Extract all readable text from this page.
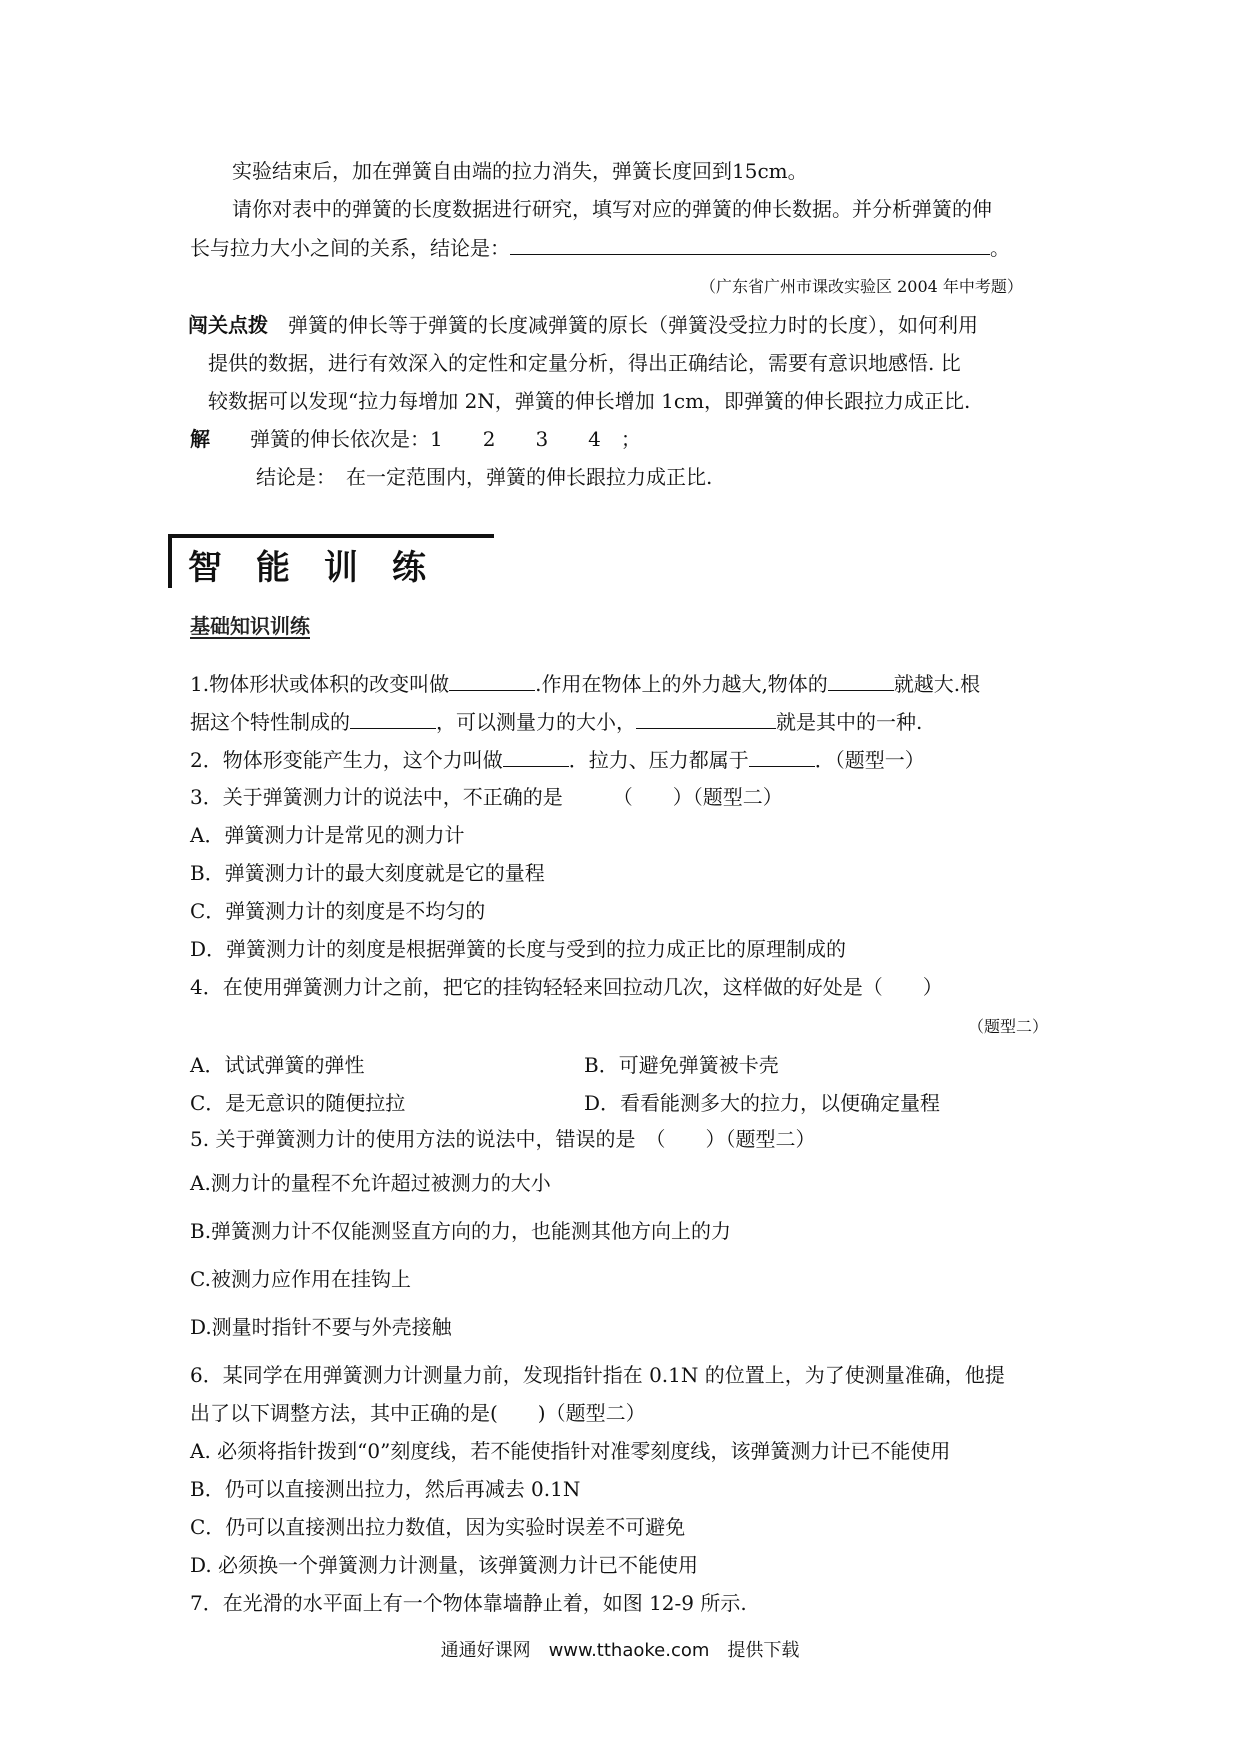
实验结束后，加在弹簧自由端的拉力消失，弹簧长度回到15cm。
请你对表中的弹簧的长度数据进行研究，填写对应的弹簧的伸长数据。并分析弹簧的伸
长与拉力大小之间的关系，结论是：	。
（广东省广州市课改实验区 2004 年中考题）
闯关点拨　 弹簧的伸长等于弹簧的长度减弹簧的原长（弹簧没受拉力时的长度），如何利用
提供的数据，进行有效深入的定性和定量分析，得出正确结论，需要有意识地感悟. 比
较数据可以发现“拉力每增加 2N，弹簧的伸长增加 1cm，即弹簧的伸长跟拉力成正比.
解　　 弹簧的伸长依次是：1　　2　　3　　4　；
结论是：　在一定范围内，弹簧的伸长跟拉力成正比.
智能训练
基础知识训练
1.物体形状或体积的改变叫做	.作用在物体上的外力越大,物体的	就越大.根
据这个特性制成的	，可以测量力的大小，	就是其中的一种.
2．物体形变能产生力，这个力叫做	．拉力、压力都属于	．（题型一）
3．关于弹簧测力计的说法中，不正确的是　　　（　　）（题型二）
A．弹簧测力计是常见的测力计
B．弹簧测力计的最大刻度就是它的量程
C．弹簧测力计的刻度是不均匀的
D．弹簧测力计的刻度是根据弹簧的长度与受到的拉力成正比的原理制成的
4．在使用弹簧测力计之前，把它的挂钩轻轻来回拉动几次，这样做的好处是（　　）
（题型二）
A．试试弹簧的弹性	B．可避免弹簧被卡壳
C．是无意识的随便拉拉	D．看看能测多大的拉力，以便确定量程
5. 关于弹簧测力计的使用方法的说法中，错误的是　（　　）（题型二）
A.测力计的量程不允许超过被测力的大小
B.弹簧测力计不仅能测竖直方向的力，也能测其他方向上的力
C.被测力应作用在挂钩上
D.测量时指针不要与外壳接触
6．某同学在用弹簧测力计测量力前，发现指针指在 0.1N 的位置上，为了使测量准确，他提
出了以下调整方法，其中正确的是(　　)（题型二）
A. 必须将指针拨到“0”刻度线，若不能使指针对准零刻度线，该弹簧测力计已不能使用
B．仍可以直接测出拉力，然后再减去 0.1N
C．仍可以直接测出拉力数值，因为实验时误差不可避免
D. 必须换一个弹簧测力计测量，该弹簧测力计已不能使用
7．在光滑的水平面上有一个物体靠墙静止着，如图 12-9 所示.
通通好课网　www.tthaoke.com　提供下载
